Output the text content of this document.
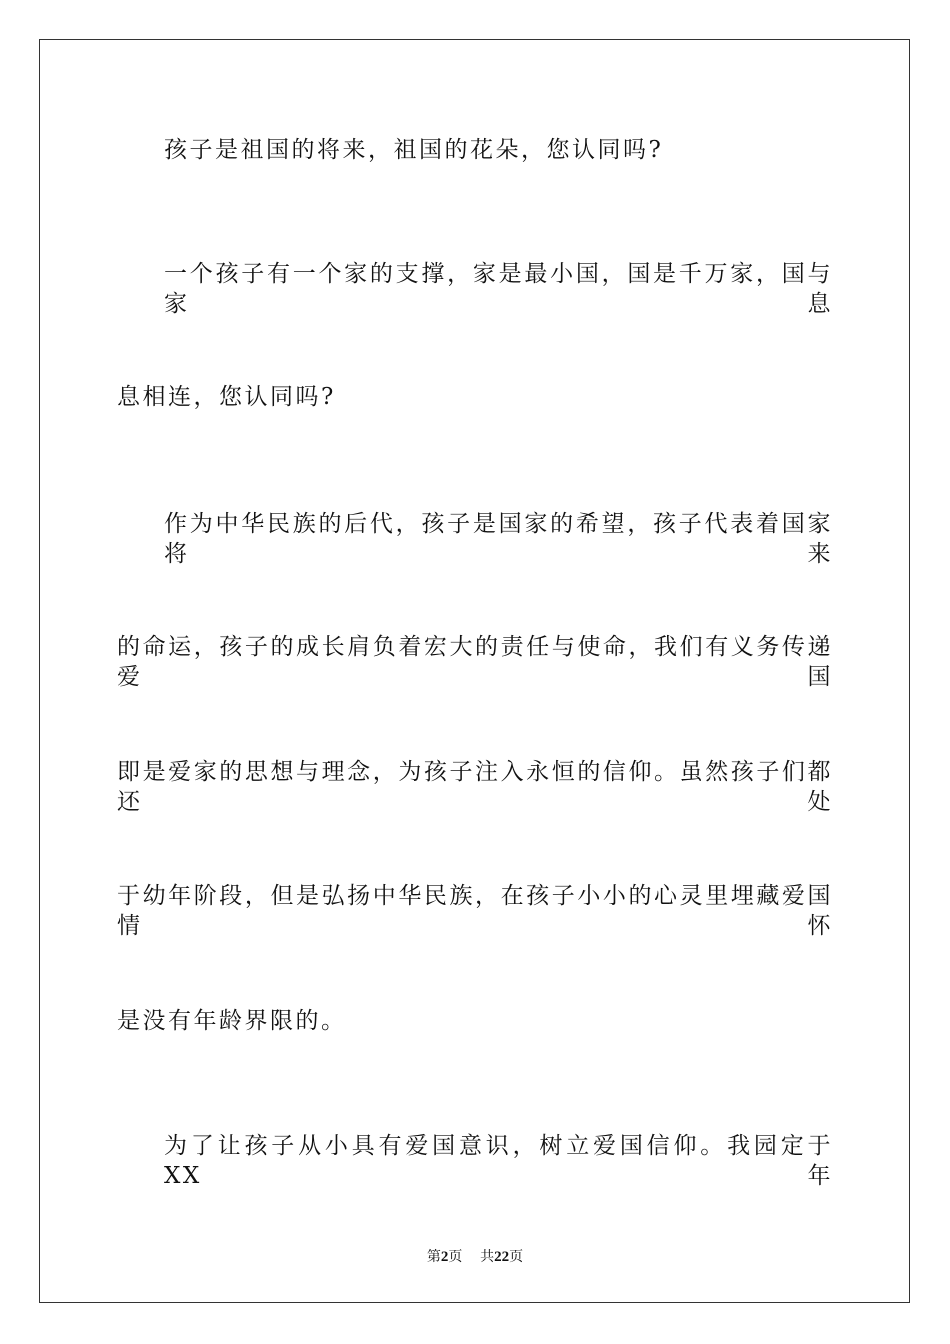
孩子是祖国的将来，祖国的花朵，您认同吗?
一个孩子有一个家的支撑，家是最小国，国是千万家，国与家息
息相连，您认同吗?
作为中华民族的后代，孩子是国家的希望，孩子代表着国家将来
的命运，孩子的成长肩负着宏大的责任与使命，我们有义务传递爱国
即是爱家的思想与理念，为孩子注入永恒的信仰。虽然孩子们都还处
于幼年阶段，但是弘扬中华民族，在孩子小小的心灵里埋藏爱国情怀
是没有年龄界限的。
为了让孩子从小具有爱国意识，树立爱国信仰。我园定于 XX 年
第2页 共22页
